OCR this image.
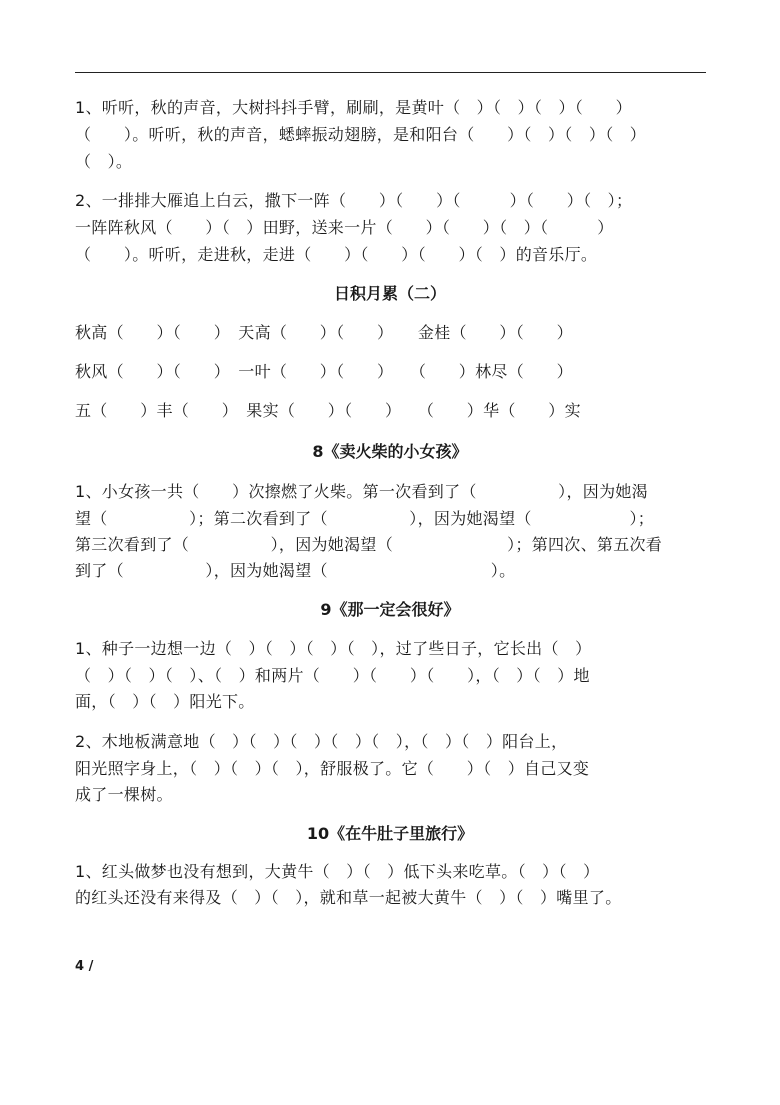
1、听听，秋的声音，大树抖抖手臂，刷刷，是黄叶（　）（　）（　）（　　）
（　　）。听听，秋的声音，蟋蟀振动翅膀，是和阳台（　　）（　）（　）（　）
（　）。
2、一排排大雁追上白云，撒下一阵（　　）（　　）（　　　）（　　）（　）；
一阵阵秋风（　　）（　）田野，送来一片（　　）（　　）（　）（　　　）
（　　）。听听，走进秋，走进（　　）（　　）（　　）（　）的音乐厅。
日积月累（二）
秋高（　　）（　　）　天高（　　）（　　）　　金桂（　　）（　　）
秋风（　　）（　　）　一叶（　　）（　　）　　（　　）林尽（　　）
五（　　）丰（　　）　果实（　　）（　　）　　（　　）华（　　）实
8《卖火柴的小女孩》
1、小女孩一共（　　）次擦燃了火柴。第一次看到了（　　　　　），因为她渴
望（　　　　　）；第二次看到了（　　　　　），因为她渴望（　　　　　　）；
第三次看到了（　　　　　），因为她渴望（　　　　　　　）；第四次、第五次看
到了（　　　　　），因为她渴望（　　　　　　　　　　）。
9《那一定会很好》
1、种子一边想一边（　）（　）（　）（　），过了些日子，它长出（　）
（　）（　）（　）、（　）和两片（　　）（　　）（　　），（　）（　）地
面，（　）（　）阳光下。
2、木地板满意地（　）（　）（　）（　）（　），（　）（　）阳台上，
阳光照字身上，（　）（　）（　），舒服极了。它（　　）（　）自己又变
成了一棵树。
10《在牛肚子里旅行》
1、红头做梦也没有想到，大黄牛（　）（　）低下头来吃草。（　）（　）
的红头还没有来得及（　）（　），就和草一起被大黄牛（　）（　）嘴里了。
4 /
